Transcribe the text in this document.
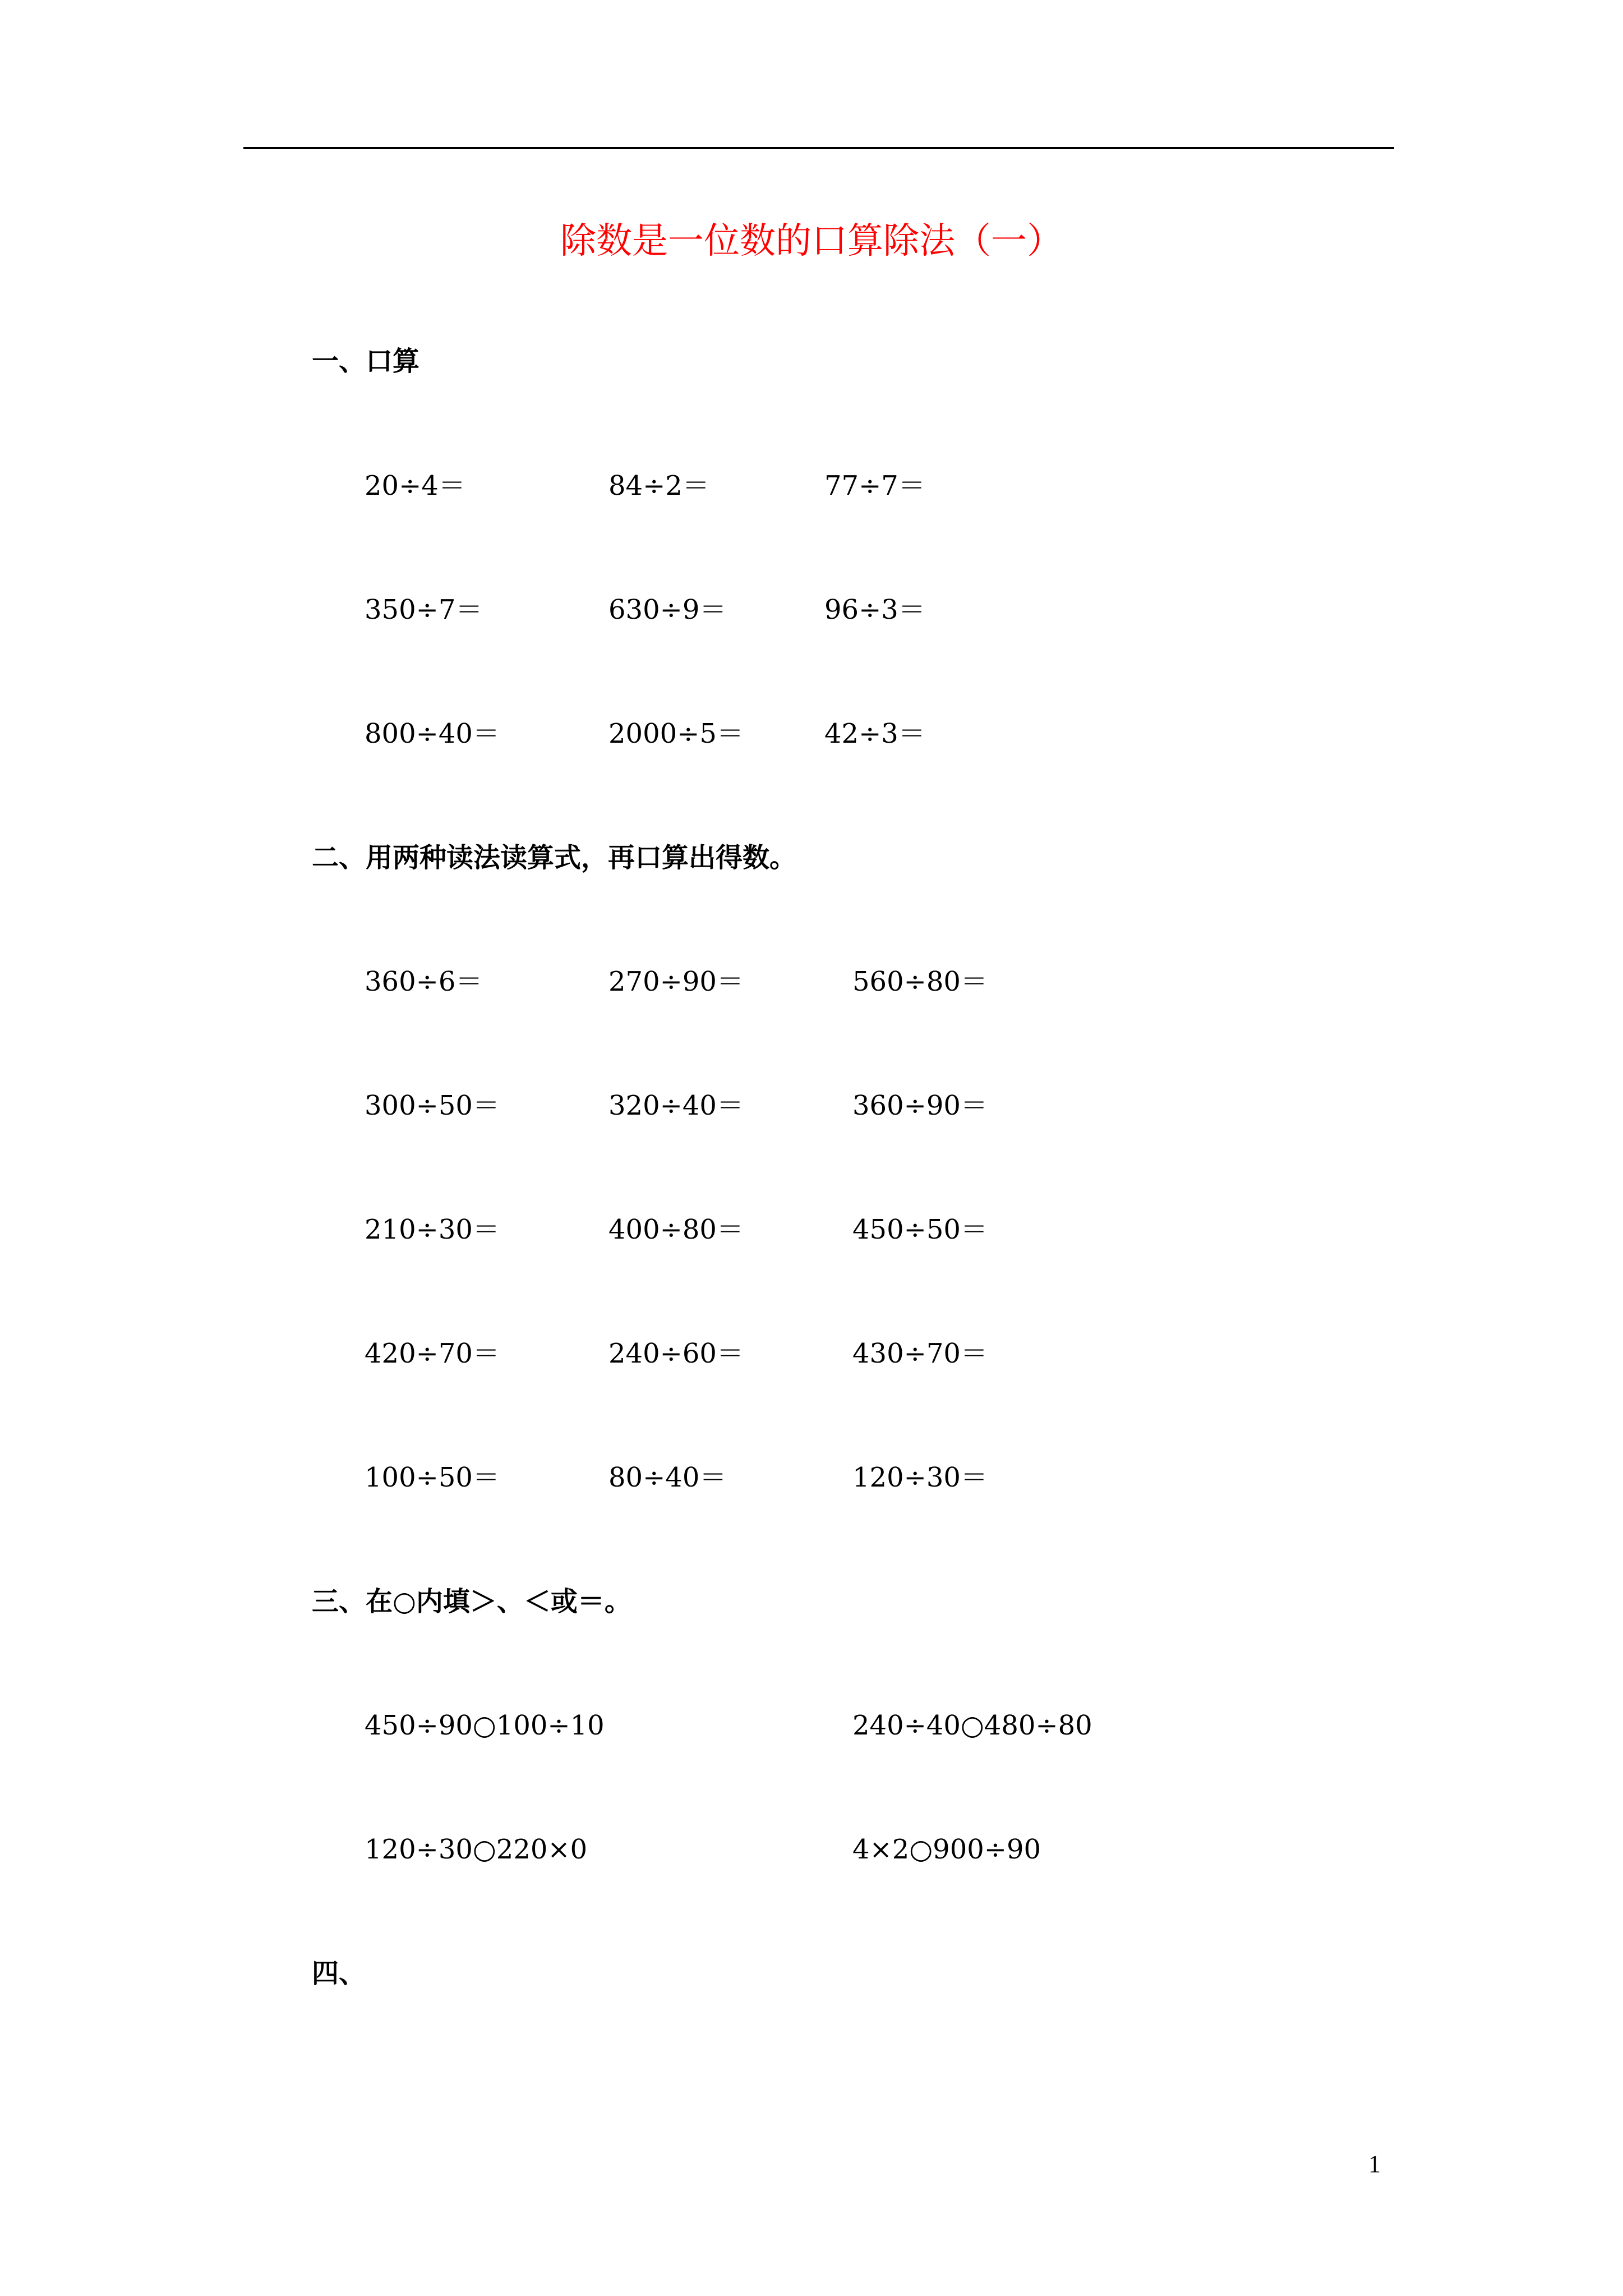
除数是一位数的口算除法（一）
一、口算
20÷4＝	84÷2＝	77÷7＝
350÷7＝	630÷9＝	96÷3＝
800÷40＝	2000÷5＝	42÷3＝
二、用两种读法读算式，再口算出得数。
360÷6＝	270÷90＝	560÷80＝
300÷50＝	320÷40＝	360÷90＝
210÷30＝	400÷80＝	450÷50＝
420÷70＝	240÷60＝	430÷70＝
100÷50＝	80÷40＝	120÷30＝
三、在○内填＞、＜或＝。
450÷90○100÷10	240÷40○480÷80
120÷30○220×0	4×2○900÷90
四、
1
